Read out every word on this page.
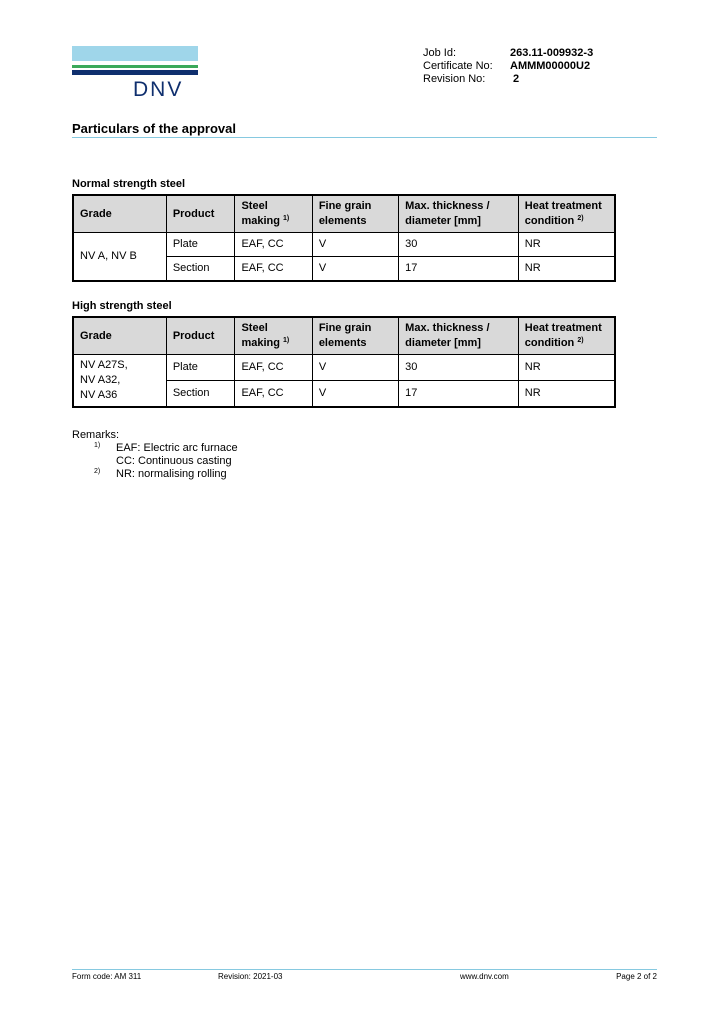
DNV
Job Id:	263.11-009932-3
Certificate No:	AMMM00000U2
Revision No:	2
Particulars of the approval
Normal strength steel
Grade	Product	Steel making $^{1)}$	Fine grain elements	Max. thickness / diameter [mm]	Heat treatment condition $^{2)}$
NV A, NV B	Plate	EAF, CC	V	30	NR
	Section	EAF, CC	V	17	NR
High strength steel
Grade	Product	Steel making $^{1)}$	Fine grain elements	Max. thickness / diameter [mm]	Heat treatment condition $^{2)}$

NV A27S,
NV A32,
NV A36	Plate	EAF, CC	V	30	NR
	Section	EAF, CC	V	17	NR
Remarks:
1)	EAF: Electric arc furnace
CC: Continuous casting
2)	NR: normalising rolling
Form code: AM 311	Revision: 2021-03	www.dnv.com	Page 2 of 2
